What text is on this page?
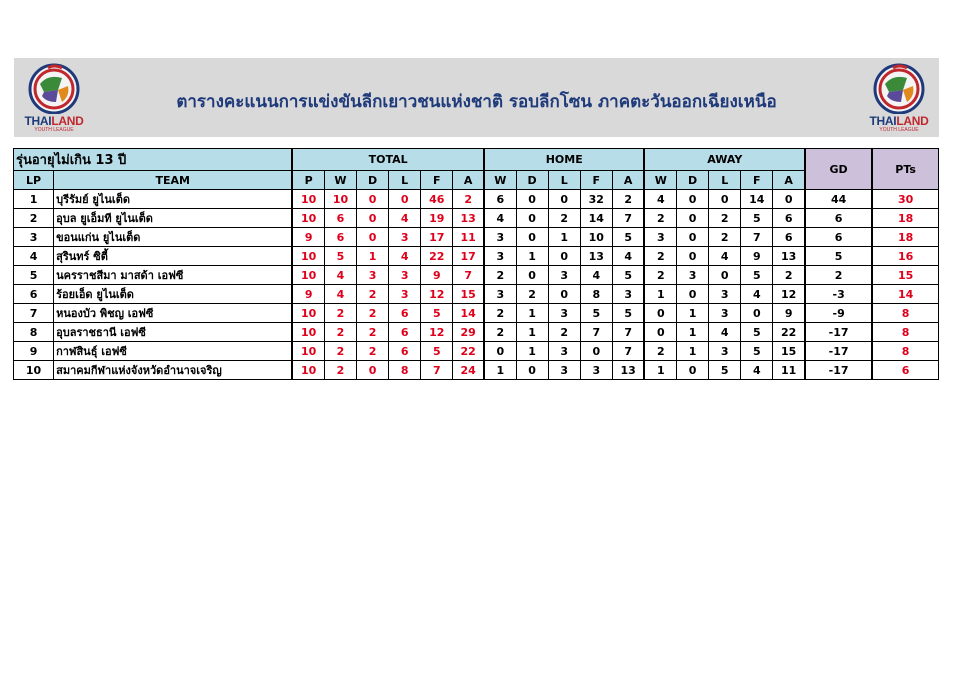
THAILAND
YOUTH LEAGUE
ตารางคะแนนการแข่งขันลีกเยาวชนแห่งชาติ รอบลีกโซน ภาคตะวันออกเฉียงเหนือ
THAILAND
YOUTH LEAGUE
รุ่นอายุไม่เกิน 13 ปี		TOTAL						HOME					AWAY					GD	PTs
LP	TEAM	P	W	D	L	F	A	W	D	L	F	A	W	D	L	F	A		
1	บุรีรัมย์ ยูไนเต็ด	10	10	0	0	46	2	6	0	0	32	2	4	0	0	14	0	44	30
2	อุบล ยูเอ็มที ยูไนเต็ด	10	6	0	4	19	13	4	0	2	14	7	2	0	2	5	6	6	18
3	ขอนแก่น ยูไนเต็ด	9	6	0	3	17	11	3	0	1	10	5	3	0	2	7	6	6	18
4	สุรินทร์ ซิตี้	10	5	1	4	22	17	3	1	0	13	4	2	0	4	9	13	5	16
5	นครราชสีมา มาสด้า เอฟซี	10	4	3	3	9	7	2	0	3	4	5	2	3	0	5	2	2	15
6	ร้อยเอ็ด ยูไนเต็ด	9	4	2	3	12	15	3	2	0	8	3	1	0	3	4	12	-3	14
7	หนองบัว พิชญ เอฟซี	10	2	2	6	5	14	2	1	3	5	5	0	1	3	0	9	-9	8
8	อุบลราชธานี เอฟซี	10	2	2	6	12	29	2	1	2	7	7	0	1	4	5	22	-17	8
9	กาฬสินธุ์ เอฟซี	10	2	2	6	5	22	0	1	3	0	7	2	1	3	5	15	-17	8
10	สมาคมกีฬาแห่งจังหวัดอำนาจเจริญ	10	2	0	8	7	24	1	0	3	3	13	1	0	5	4	11	-17	6
